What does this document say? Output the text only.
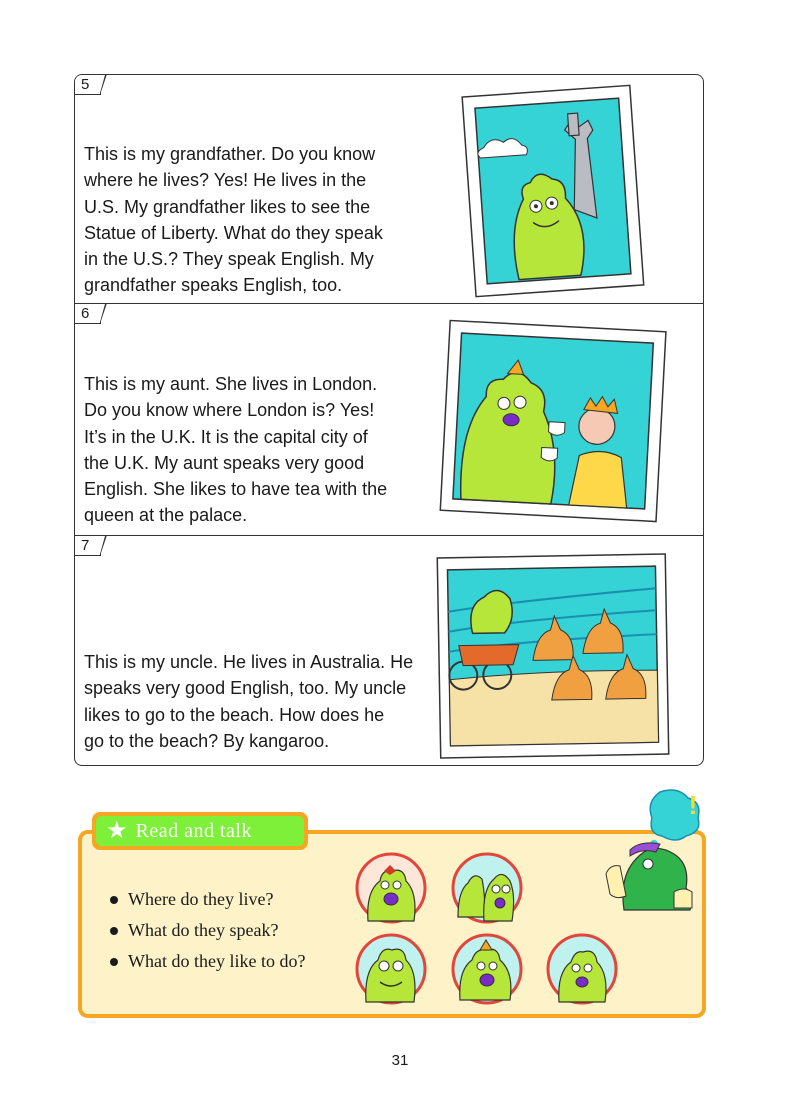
5
This is my grandfather. Do you know
where he lives? Yes! He lives in the
U.S. My grandfather likes to see the
Statue of Liberty. What do they speak
in the U.S.? They speak English. My
grandfather speaks English, too.
6
This is my aunt. She lives in London.
Do you know where London is? Yes!
It’s in the U.K. It is the capital city of
the U.K. My aunt speaks very good
English. She likes to have tea with the
queen at the palace.
7
This is my uncle. He lives in Australia. He
speaks very good English, too. My uncle
likes to go to the beach. How does he
go to the beach? By kangaroo.
★ Read and talk
Where do they live?
What do they speak?
What do they like to do?
!
31
